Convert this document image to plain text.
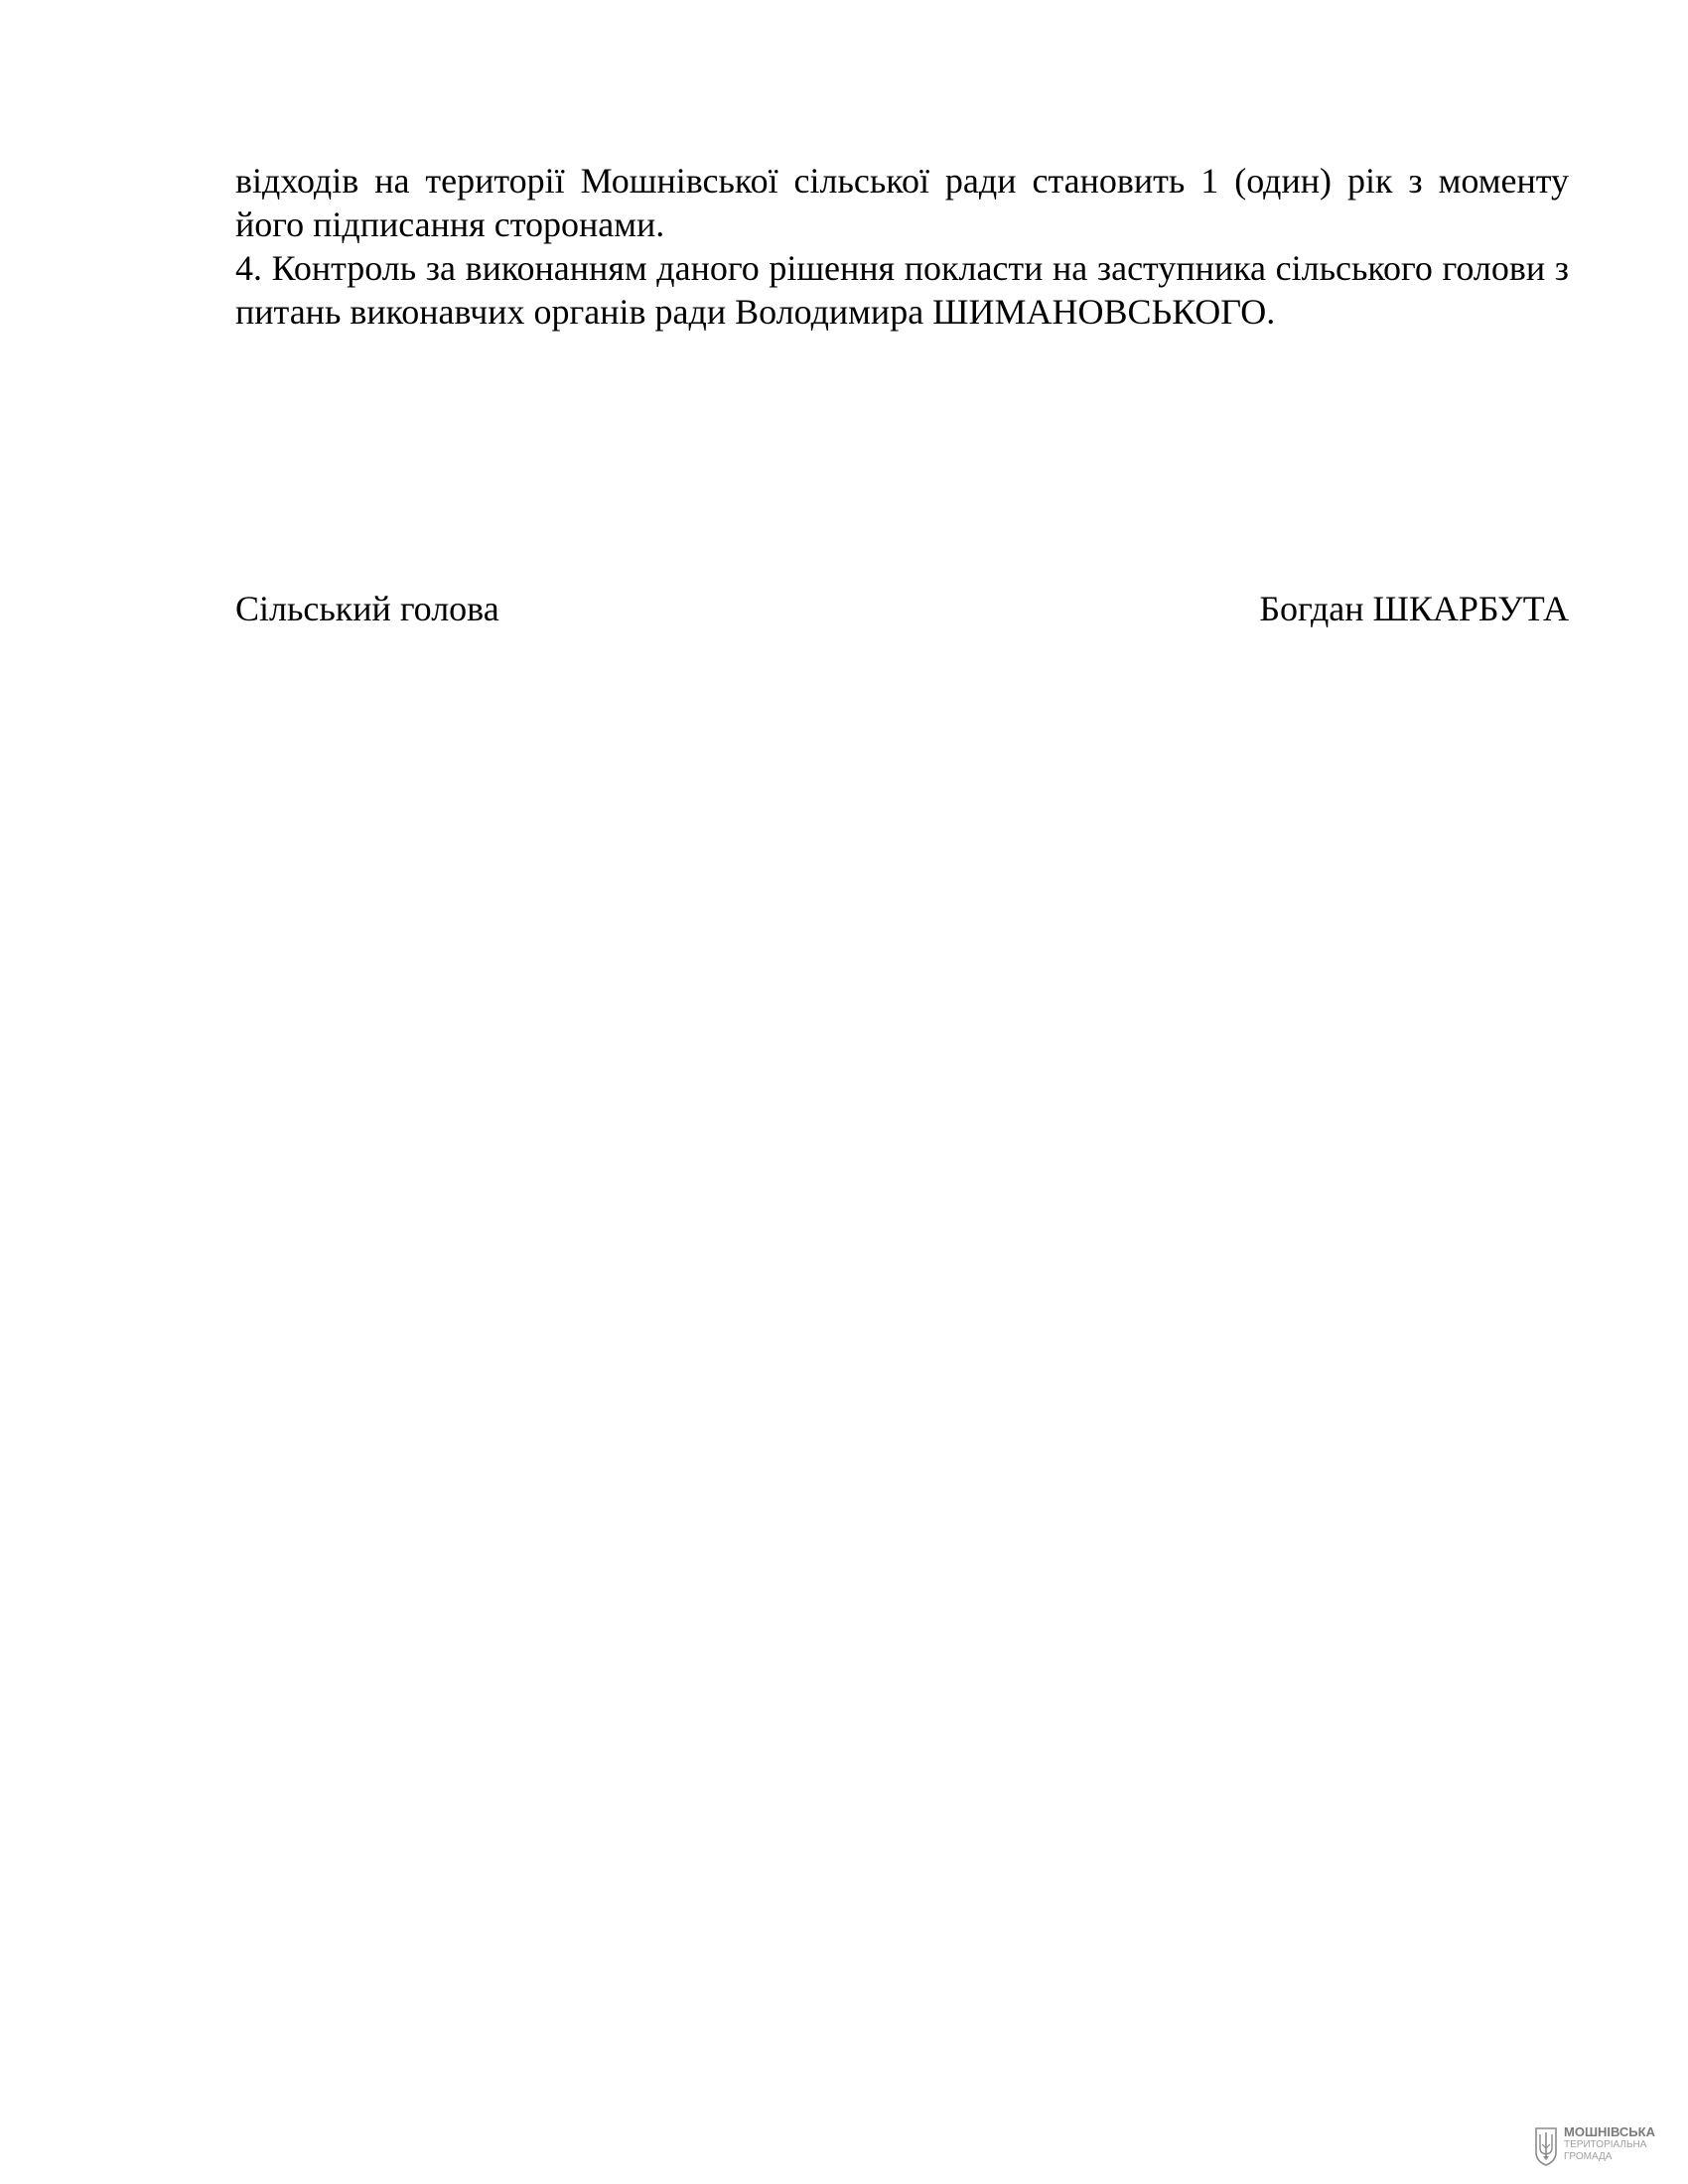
відходів на території Мошнівської сільської ради становить 1 (один) рік з моменту його підписання сторонами.

4. Контроль за виконанням даного рішення покласти на заступника сільського голови з питань виконавчих органів ради Володимира ШИМАНОВСЬКОГО.

Сільський голова	Богдан ШКАРБУТА
МОШНІВСЬКА
ТЕРИТОРІАЛЬНА
ГРОМАДА
